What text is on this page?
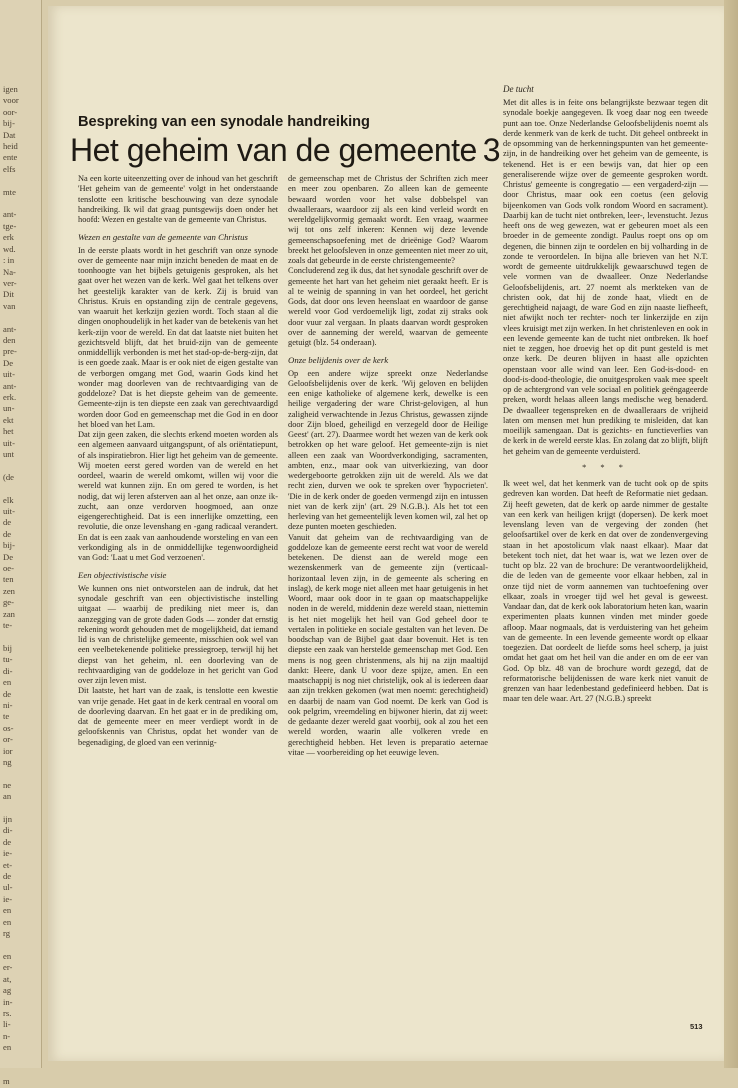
igen
voor
oor-
bij-
Dat
heid
ente
elfs

mte

ant-
tge-
erk
wd.
: in
Na-
ver-
Dit
van

ant-
den
pre-
De
uit-
ant-
erk.
un-
ekt
het
uit-
unt

(de

elk
uit-
de
de
bij-
De
oe-
ten
zen
ge-
zan
te-

bij
tu-
di-
en
de
ni-
te
os-
or-
ior
ng

ne
an

ijn
di-
de
ie-
et-
de
ul-
ie-
en
en
rg

en
er-
at,
ag
in-
rs.
li-
n-
en

m
De tucht
Bespreking van een synodale handreiking
Het geheim van de gemeente 3

Na een korte uiteenzetting over de inhoud van het geschrift 'Het geheim van de gemeente' volgt in het onderstaande tenslotte een kritische beschouwing van deze synodale handreiking. Ik wil dat graag puntsgewijs doen onder het hoofd: Wezen en gestalte van de gemeente van Christus.

Wezen en gestalte van de gemeente van Christus

In de eerste plaats wordt in het geschrift van onze synode over de gemeente naar mijn inzicht beneden de maat en de toonhoogte van het bijbels getuigenis gesproken, als het gaat over het wezen van de kerk. Wel gaat het telkens over het geestelijk karakter van de kerk. Zij is bruid van Christus. Kruis en opstanding zijn de centrale gegevens, van waaruit het kerkzijn gezien wordt. Toch staan al die dingen onophoudelijk in het kader van de betekenis van het kerk-zijn voor de wereld. En dat dat laatste niet buiten het gezichtsveld blijft, dat het bruid-zijn van de gemeente onmiddellijk verbonden is met het stad-op-de-berg-zijn, dat is een goede zaak. Maar is er ook niet de eigen gestalte van de verborgen omgang met God, waarin Gods kind het wonder mag doorleven van de rechtvaardiging van de goddeloze? Dat is het diepste geheim van de gemeente. Gemeente-zijn is ten diepste een zaak van gerechtvaardigd worden door God en gemeenschap met die God in en door het bloed van het Lam.

Dat zijn geen zaken, die slechts erkend moeten worden als een algemeen aanvaard uitgangspunt, of als oriëntatiepunt, of als inspiratiebron. Hier ligt het geheim van de gemeente. Wij moeten eerst gered worden van de wereld en het oordeel, waarin de wereld omkomt, willen wij voor die wereld wat kunnen zijn. En om gered te worden, is het nodig, dat wij leren afsterven aan al het onze, aan onze ik-zucht, aan onze verdorven hoogmoed, aan onze eigengerechtigheid. Dat is een innerlijke omzetting, een revolutie, die onze levenshang en -gang radicaal verandert. En dat is een zaak van aanhoudende worsteling en van een verkondiging als in de onmiddellijke tegenwoordigheid van God: 'Laat u met God verzoenen'.

Een objectivistische visie

We kunnen ons niet ontworstelen aan de indruk, dat het synodale geschrift van een objectivistische instelling uitgaat — waarbij de prediking niet meer is, dan aanzegging van de grote daden Gods — zonder dat ernstig rekening wordt gehouden met de mogelijkheid, dat iemand lid is van de christelijke gemeente, misschien ook wel van een veelbetekenende politieke pressiegroep, terwijl hij het diepst van het geheim, nl. een doorleving van de rechtvaardiging van de goddeloze in het gericht van God over zijn leven mist.

Dit laatste, het hart van de zaak, is tenslotte een kwestie van vrije genade. Het gaat in de kerk centraal en vooral om de doorleving daarvan. En het gaat er in de prediking om, dat de gemeente meer en meer verdiept wordt in de geloofskennis van Christus, opdat het wonder van de begenadiging, de gloed van een verinnig-

de gemeenschap met de Christus der Schriften zich meer en meer zou openbaren. Zo alleen kan de gemeente bewaard worden voor het valse dobbelspel van dwaalleraars, waardoor zij als een kind verleid wordt en wereldgelijkvormig gemaakt wordt. Een vraag, waarmee wij tot ons zelf inkeren: Kennen wij deze levende gemeenschapsoefening met de drieënige God? Waarom breekt het geloofsleven in onze gemeenten niet meer zo uit, zoals dat gebeurde in de eerste christengemeente?

Concluderend zeg ik dus, dat het synodale geschrift over de gemeente het hart van het geheim niet geraakt heeft. Er is al te weinig de spanning in van het oordeel, het gericht Gods, dat door ons leven heenslaat en waardoor de ganse wereld voor God verdoemelijk ligt, zodat zij straks ook door vuur zal vergaan. In plaats daarvan wordt gesproken over de aanneming der wereld, waarvan de gemeente getuigt (blz. 54 onderaan).

Onze belijdenis over de kerk

Op een andere wijze spreekt onze Nederlandse Geloofsbelijdenis over de kerk. 'Wij geloven en belijden een enige katholieke of algemene kerk, dewelke is een heilige vergadering der ware Christ-gelovigen, al hun zaligheid verwachtende in Jezus Christus, gewassen zijnde door Zijn bloed, geheiligd en verzegeld door de Heilige Geest' (art. 27). Daarmee wordt het wezen van de kerk ook betrokken op het ware geloof. Het gemeente-zijn is niet alleen een zaak van Woordverkondiging, sacramenten, ambten, enz., maar ook van uitverkiezing, van door wedergeboorte getrokken zijn uit de wereld. Als we dat recht zien, durven we ook te spreken over 'hypocrieten'. 'Die in de kerk onder de goeden vermengd zijn en intussen niet van de kerk zijn' (art. 29 N.G.B.). Als het tot een herleving van het gemeentelijk leven komen wil, zal het op deze punten moeten geschieden.

Vanuit dat geheim van de rechtvaardiging van de goddeloze kan de gemeente eerst recht wat voor de wereld betekenen. De dienst aan de wereld moge een wezenskenmerk van de gemeente zijn (verticaal-horizontaal leven zijn, in de gemeente als schering en inslag), de kerk moge niet alleen met haar getuigenis in het Woord, maar ook door in te gaan op maatschappelijke noden in de wereld, middenin deze wereld staan, niettemin is het niet mogelijk het heil van God geheel door te vertalen in politieke en sociale gestalten van het leven. De boodschap van de Bijbel gaat daar bovenuit. Het is ten diepste een zaak van herstelde gemeenschap met God. Een mens is nog geen christenmens, als hij na zijn maaltijd dankt: Heere, dank U voor deze spijze, amen. En een maatschappij is nog niet christelijk, ook al is iedereen daar aan zijn trekken gekomen (wat men noemt: gerechtigheid) en daarbij de naam van God noemt. De kerk van God is ook pelgrim, vreemdeling en bijwoner hierin, dat zij weet: de gedaante dezer wereld gaat voorbij, ook al zou het een wereld worden, waarin alle volkeren vrede en gerechtigheid hebben. Het leven is preparatio aeternae vitae — voorbereiding op het eeuwige leven.

Met dit alles is in feite ons belangrijkste bezwaar tegen dit synodale boekje aangegeven. Ik voeg daar nog een tweede punt aan toe. Onze Nederlandse Geloofsbelijdenis noemt als derde kenmerk van de kerk de tucht. Dit geheel ontbreekt in de opsomming van de herkenningspunten van het gemeente-zijn, in de handreiking over het geheim van de gemeente, is tekenend. Het is er een bewijs van, dat hier op een generaliserende wijze over de gemeente gesproken wordt. Christus' gemeente is congregatio — een vergaderd-zijn — door Christus, maar ook een coetus (een gelovig bijeenkomen van Gods volk rondom Woord en sacrament). Daarbij kan de tucht niet ontbreken, leer-, levenstucht. Jezus heeft ons de weg gewezen, wat er gebeuren moet als een broeder in de gemeente zondigt. Paulus roept ons op om degenen, die binnen zijn te oordelen en bij volharding in de zonde te veroordelen. In bijna alle brieven van het N.T. wordt de gemeente uitdrukkelijk gewaarschuwd tegen de vele vormen van de dwaalleer. Onze Nederlandse Geloofsbelijdenis, art. 27 noemt als merkteken van de christen ook, dat hij de zonde haat, vliedt en de gerechtigheid najaagt, de ware God en zijn naaste liefheeft, niet afwijkt noch ter rechter- noch ter linkerzijde en zijn vlees kruisigt met zijn werken. In het christenleven en ook in een levende gemeente kan de tucht niet ontbreken. Ik hoef niet te zeggen, hoe droevig het op dit punt gesteld is met onze kerk. De deuren blijven in haast alle opzichten openstaan voor alle wind van leer. Een God-is-dood- en dood-is-dood-theologie, die onuitgesproken vaak mee speelt op de achtergrond van vele sociaal en politiek geëngageerde preken, wordt helaas alleen langs medische weg benaderd. De dwaalleer tegenspreken en de dwaalleraars de vrijheid laten om mensen met hun prediking te misleiden, dat kan moeilijk samengaan. Dat is gezichts- en functieverlies van de kerk in de wereld eerste klas. En zolang dat zo blijft, blijft het geheim van de gemeente verduisterd.

* * *

Ik weet wel, dat het kenmerk van de tucht ook op de spits gedreven kan worden. Dat heeft de Reformatie niet gedaan. Zij heeft geweten, dat de kerk op aarde nimmer de gestalte van een kerk van heiligen krijgt (dopersen). De kerk moet levenslang leven van de vergeving der zonden (het geloofsartikel over de kerk en dat over de zondenvergeving staan in het apostolicum vlak naast elkaar). Maar dat betekent toch niet, dat het waar is, wat we lezen over de tucht op blz. 22 van de brochure: De verantwoordelijkheid, die de leden van de gemeente voor elkaar hebben, zal in onze tijd niet de vorm aannemen van tuchtoefening over elkaar, zoals in vroeger tijd wel het geval is geweest. Vandaar dan, dat de kerk ook laboratorium heten kan, waarin experimenten plaats kunnen vinden met minder goede afloop. Maar nogmaals, dat is verduistering van het geheim van de gemeente. In een levende gemeente wordt op elkaar toegezien. Dat oordeelt de liefde soms heel scherp, ja juist omdat het gaat om het heil van die ander en om de eer van God. Op blz. 48 van de brochure wordt gezegd, dat de reformatorische belijdenissen de ware kerk niet vanuit de grenzen van haar ledenbestand gedefinieerd hebben. Dat is maar ten dele waar. Art. 27 (N.G.B.) spreekt

513
